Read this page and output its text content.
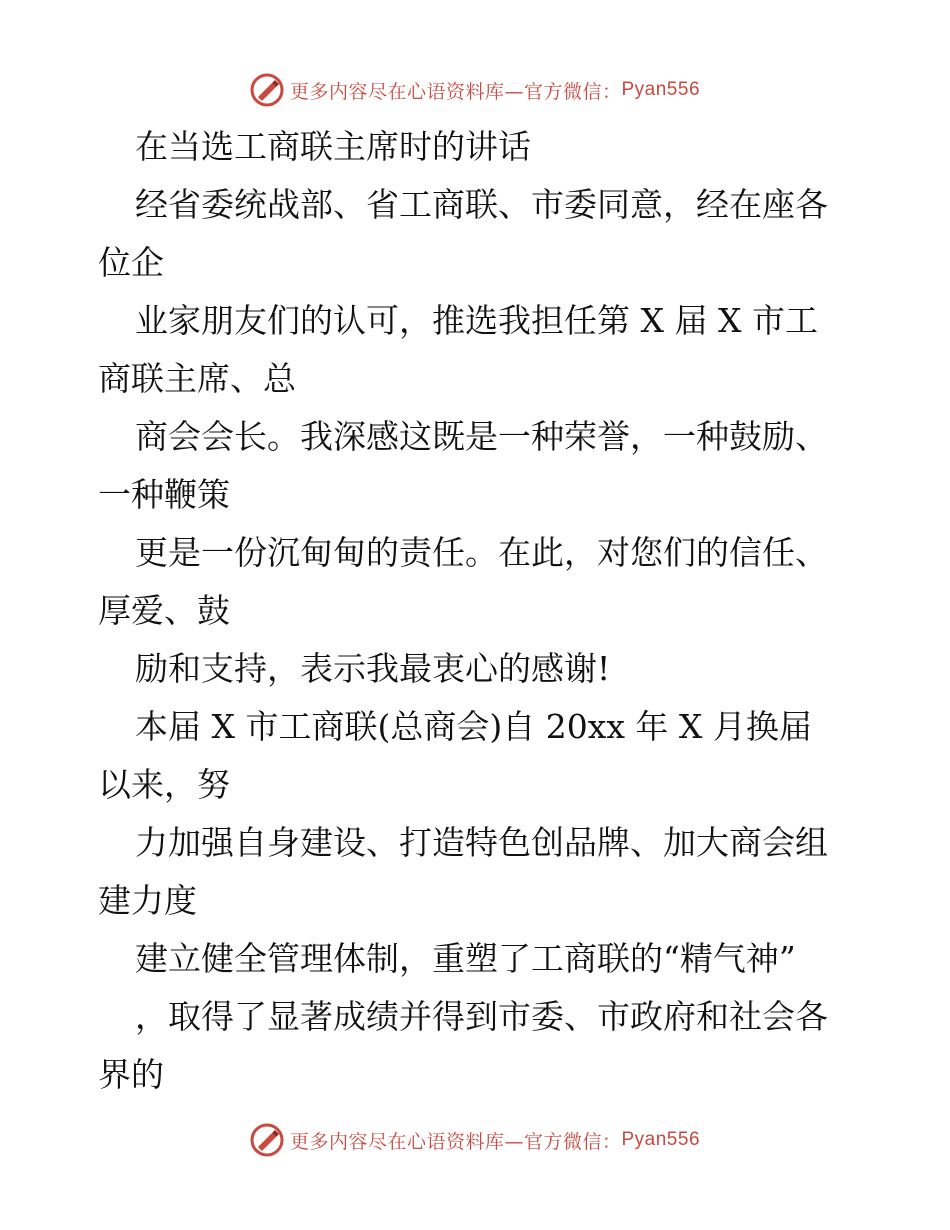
更多内容尽在心语资料库—官方微信： Pyan556
在当选工商联主席时的讲话
经省委统战部、省工商联、市委同意，经在座各
位企
业家朋友们的认可，推选我担任第 X 届 X 市工
商联主席、总
商会会长。我深感这既是一种荣誉，一种鼓励、
一种鞭策
更是一份沉甸甸的责任。在此，对您们的信任、
厚爱、鼓
励和支持，表示我最衷心的感谢!
本届 X 市工商联(总商会)自 20xx 年 X 月换届
以来，努
力加强自身建设、打造特色创品牌、加大商会组
建力度
建立健全管理体制，重塑了工商联的“精气神”
，取得了显著成绩并得到市委、市政府和社会各
界的
更多内容尽在心语资料库—官方微信： Pyan556
